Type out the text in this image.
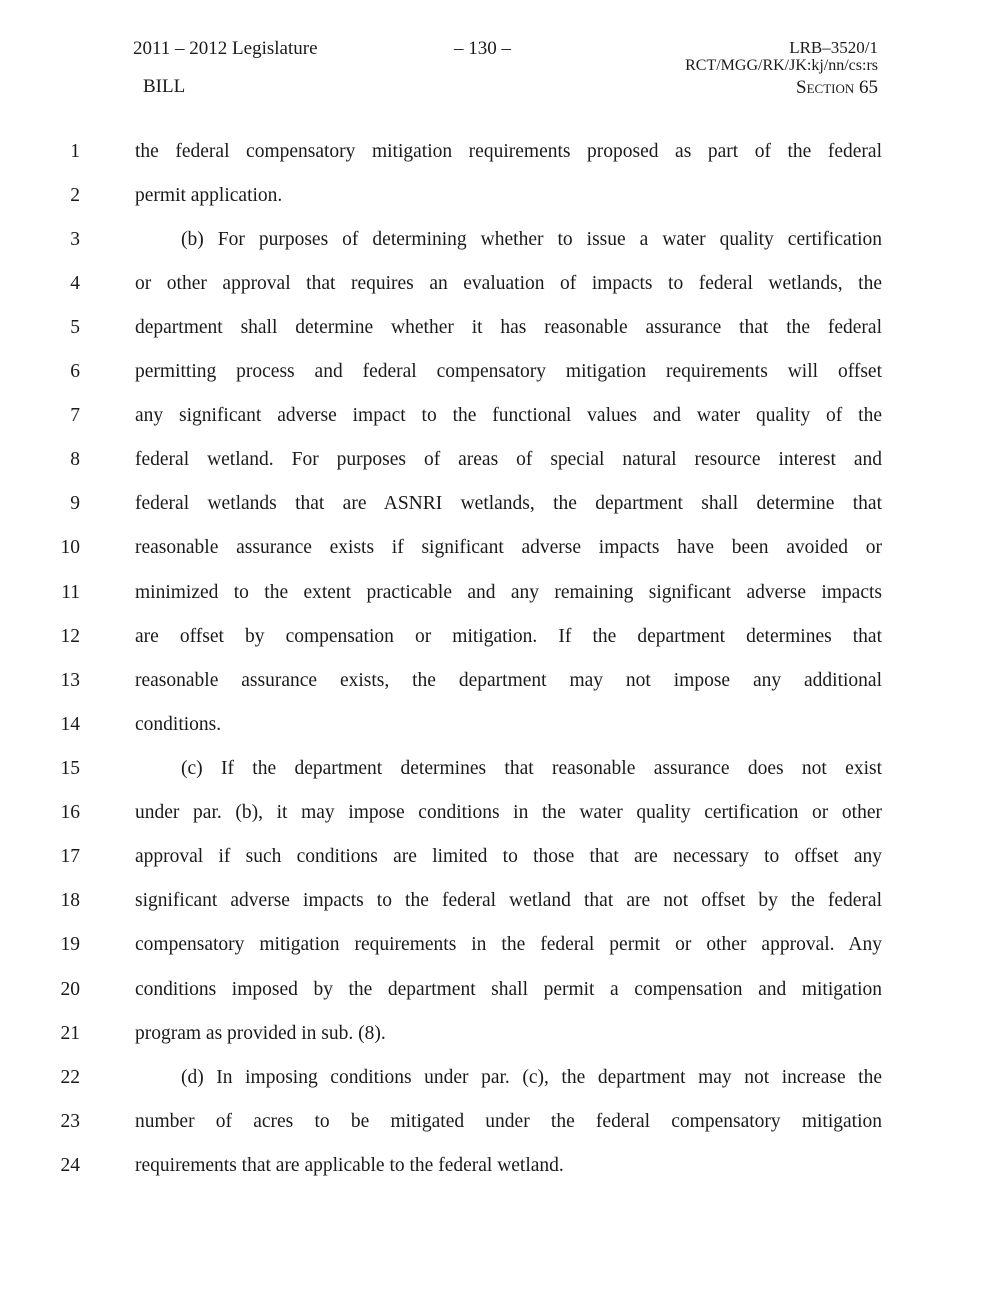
2011 – 2012 Legislature	– 130 –	LRB–3520/1
RCT/MGG/RK/JK:kj/nn/cs:rs
BILL	Section 65
1	the federal compensatory mitigation requirements proposed as part of the federal
2	permit application.
3	(b) For purposes of determining whether to issue a water quality certification
4	or other approval that requires an evaluation of impacts to federal wetlands, the
5	department shall determine whether it has reasonable assurance that the federal
6	permitting process and federal compensatory mitigation requirements will offset
7	any significant adverse impact to the functional values and water quality of the
8	federal wetland. For purposes of areas of special natural resource interest and
9	federal wetlands that are ASNRI wetlands, the department shall determine that
10	reasonable assurance exists if significant adverse impacts have been avoided or
11	minimized to the extent practicable and any remaining significant adverse impacts
12	are offset by compensation or mitigation. If the department determines that
13	reasonable assurance exists, the department may not impose any additional
14	conditions.
15	(c) If the department determines that reasonable assurance does not exist
16	under par. (b), it may impose conditions in the water quality certification or other
17	approval if such conditions are limited to those that are necessary to offset any
18	significant adverse impacts to the federal wetland that are not offset by the federal
19	compensatory mitigation requirements in the federal permit or other approval. Any
20	conditions imposed by the department shall permit a compensation and mitigation
21	program as provided in sub. (8).
22	(d) In imposing conditions under par. (c), the department may not increase the
23	number of acres to be mitigated under the federal compensatory mitigation
24	requirements that are applicable to the federal wetland.
